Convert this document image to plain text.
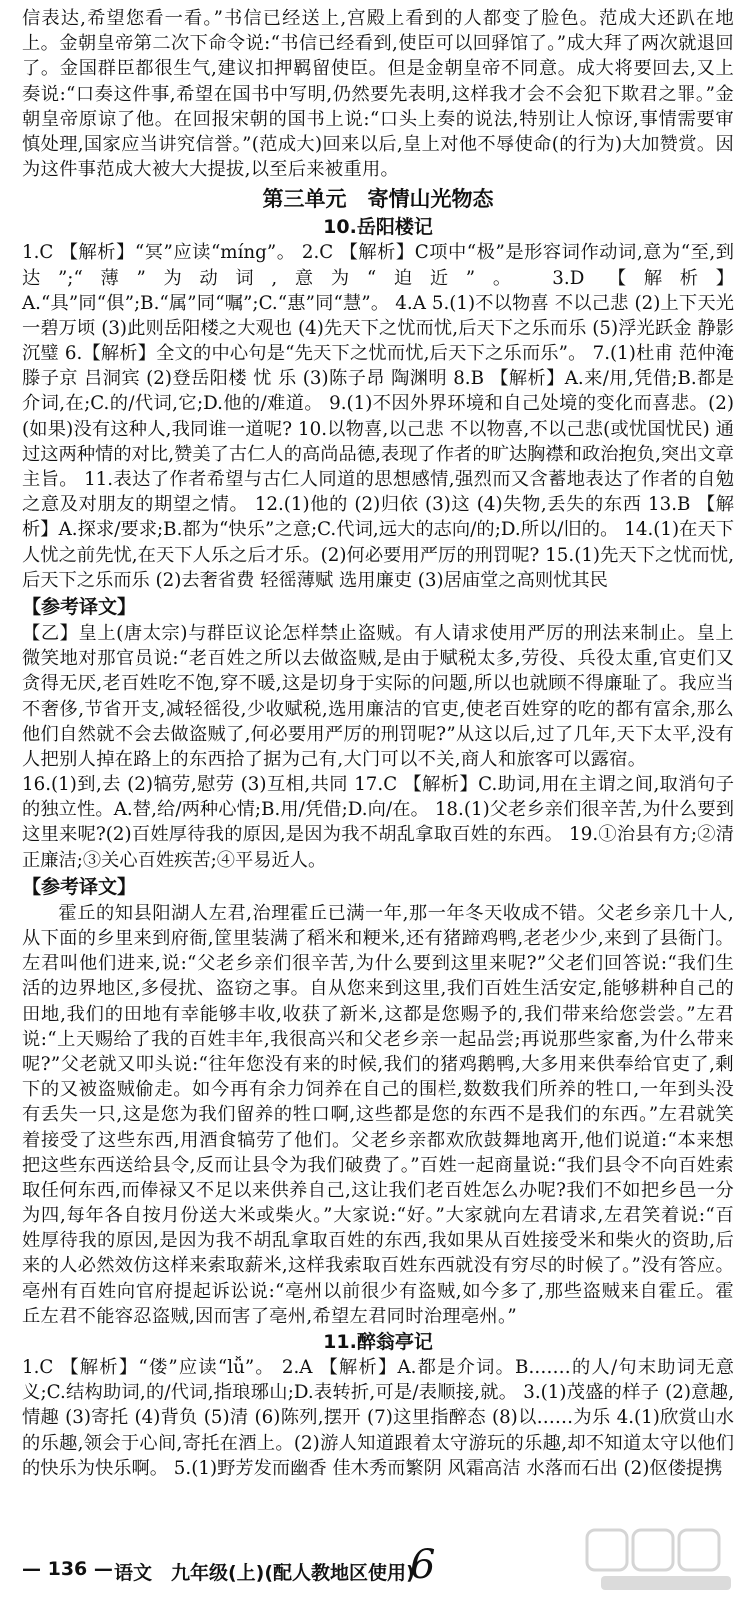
信表达,希望您看一看。”书信已经送上,宫殿上看到的人都变了脸色。范成大还趴在地上。金朝皇帝第二次下命令说:“书信已经看到,使臣可以回驿馆了。”成大拜了两次就退回了。金国群臣都很生气,建议扣押羁留使臣。但是金朝皇帝不同意。成大将要回去,又上奏说:“口奏这件事,希望在国书中写明,仍然要先表明,这样我才会不会犯下欺君之罪。”金朝皇帝原谅了他。在回报宋朝的国书上说:“口头上奏的说法,特别让人惊讶,事情需要审慎处理,国家应当讲究信誉。”(范成大)回来以后,皇上对他不辱使命(的行为)大加赞赏。因为这件事范成大被大大提拔,以至后来被重用。

第三单元　寄情山光物态
10.岳阳楼记

1.C 【解析】“冥”应读“míng”。 2.C 【解析】C项中“极”是形容词作动词,意为“至,到达”;“薄”为动词,意为“迫近”。 3.D 【解析】A.“具”同“俱”;B.“属”同“嘱”;C.“惠”同“慧”。 4.A 5.(1)不以物喜 不以己悲 (2)上下天光 一碧万顷 (3)此则岳阳楼之大观也 (4)先天下之忧而忧,后天下之乐而乐 (5)浮光跃金 静影沉璧 6.【解析】全文的中心句是“先天下之忧而忧,后天下之乐而乐”。 7.(1)杜甫 范仲淹 滕子京 吕洞宾 (2)登岳阳楼 忧 乐 (3)陈子昂 陶渊明 8.B 【解析】A.来/用,凭借;B.都是介词,在;C.的/代词,它;D.他的/难道。 9.(1)不因外界环境和自己处境的变化而喜悲。(2)(如果)没有这种人,我同谁一道呢? 10.以物喜,以己悲 不以物喜,不以己悲(或忧国忧民) 通过这两种情的对比,赞美了古仁人的高尚品德,表现了作者的旷达胸襟和政治抱负,突出文章主旨。 11.表达了作者希望与古仁人同道的思想感情,强烈而又含蓄地表达了作者的自勉之意及对朋友的期望之情。 12.(1)他的 (2)归依 (3)这 (4)失物,丢失的东西 13.B 【解析】A.探求/要求;B.都为“快乐”之意;C.代词,远大的志向/的;D.所以/旧的。 14.(1)在天下人忧之前先忧,在天下人乐之后才乐。(2)何必要用严厉的刑罚呢? 15.(1)先天下之忧而忧,后天下之乐而乐 (2)去奢省费 轻徭薄赋 选用廉吏 (3)居庙堂之高则忧其民

【参考译文】

【乙】皇上(唐太宗)与群臣议论怎样禁止盗贼。有人请求使用严厉的刑法来制止。皇上微笑地对那官员说:“老百姓之所以去做盗贼,是由于赋税太多,劳役、兵役太重,官吏们又贪得无厌,老百姓吃不饱,穿不暖,这是切身于实际的问题,所以也就顾不得廉耻了。我应当不奢侈,节省开支,减轻徭役,少收赋税,选用廉洁的官吏,使老百姓穿的吃的都有富余,那么他们自然就不会去做盗贼了,何必要用严厉的刑罚呢?”从这以后,过了几年,天下太平,没有人把别人掉在路上的东西拾了据为己有,大门可以不关,商人和旅客可以露宿。

16.(1)到,去 (2)犒劳,慰劳 (3)互相,共同 17.C 【解析】C.助词,用在主谓之间,取消句子的独立性。A.替,给/两种心情;B.用/凭借;D.向/在。 18.(1)父老乡亲们很辛苦,为什么要到这里来呢?(2)百姓厚待我的原因,是因为我不胡乱拿取百姓的东西。 19.①治县有方;②清正廉洁;③关心百姓疾苦;④平易近人。

【参考译文】

霍丘的知县阳湖人左君,治理霍丘已满一年,那一年冬天收成不错。父老乡亲几十人,从下面的乡里来到府衙,筐里装满了稻米和粳米,还有猪蹄鸡鸭,老老少少,来到了县衙门。左君叫他们进来,说:“父老乡亲们很辛苦,为什么要到这里来呢?”父老们回答说:“我们生活的边界地区,多侵扰、盗窃之事。自从您来到这里,我们百姓生活安定,能够耕种自己的田地,我们的田地有幸能够丰收,收获了新米,这都是您赐予的,我们带来给您尝尝。”左君说:“上天赐给了我的百姓丰年,我很高兴和父老乡亲一起品尝;再说那些家畜,为什么带来呢?”父老就又叩头说:“往年您没有来的时候,我们的猪鸡鹅鸭,大多用来供奉给官吏了,剩下的又被盗贼偷走。如今再有余力饲养在自己的围栏,数数我们所养的牲口,一年到头没有丢失一只,这是您为我们留养的牲口啊,这些都是您的东西不是我们的东西。”左君就笑着接受了这些东西,用酒食犒劳了他们。父老乡亲都欢欣鼓舞地离开,他们说道:“本来想把这些东西送给县令,反而让县令为我们破费了。”百姓一起商量说:“我们县令不向百姓索取任何东西,而俸禄又不足以来供养自己,这让我们老百姓怎么办呢?我们不如把乡邑一分为四,每年各自按月份送大米或柴火。”大家说:“好。”大家就向左君请求,左君笑着说:“百姓厚待我的原因,是因为我不胡乱拿取百姓的东西,我如果从百姓接受米和柴火的资助,后来的人必然效仿这样来索取薪米,这样我索取百姓东西就没有穷尽的时候了。”没有答应。亳州有百姓向官府提起诉讼说:“亳州以前很少有盗贼,如今多了,那些盗贼来自霍丘。霍丘左君不能容忍盗贼,因而害了亳州,希望左君同时治理亳州。”

11.醉翁亭记

1.C 【解析】“偻”应读“lǚ”。 2.A 【解析】A.都是介词。B.……的人/句末助词无意义;C.结构助词,的/代词,指琅琊山;D.表转折,可是/表顺接,就。 3.(1)茂盛的样子 (2)意趣,情趣 (3)寄托 (4)背负 (5)清 (6)陈列,摆开 (7)这里指醉态 (8)以……为乐 4.(1)欣赏山水的乐趣,领会于心间,寄托在酒上。(2)游人知道跟着太守游玩的乐趣,却不知道太守以他们的快乐为快乐啊。 5.(1)野芳发而幽香 佳木秀而繁阴 风霜高洁 水落而石出 (2)伛偻提携

— 136 — 语文　九年级(上)(配人教地区使用)
6
